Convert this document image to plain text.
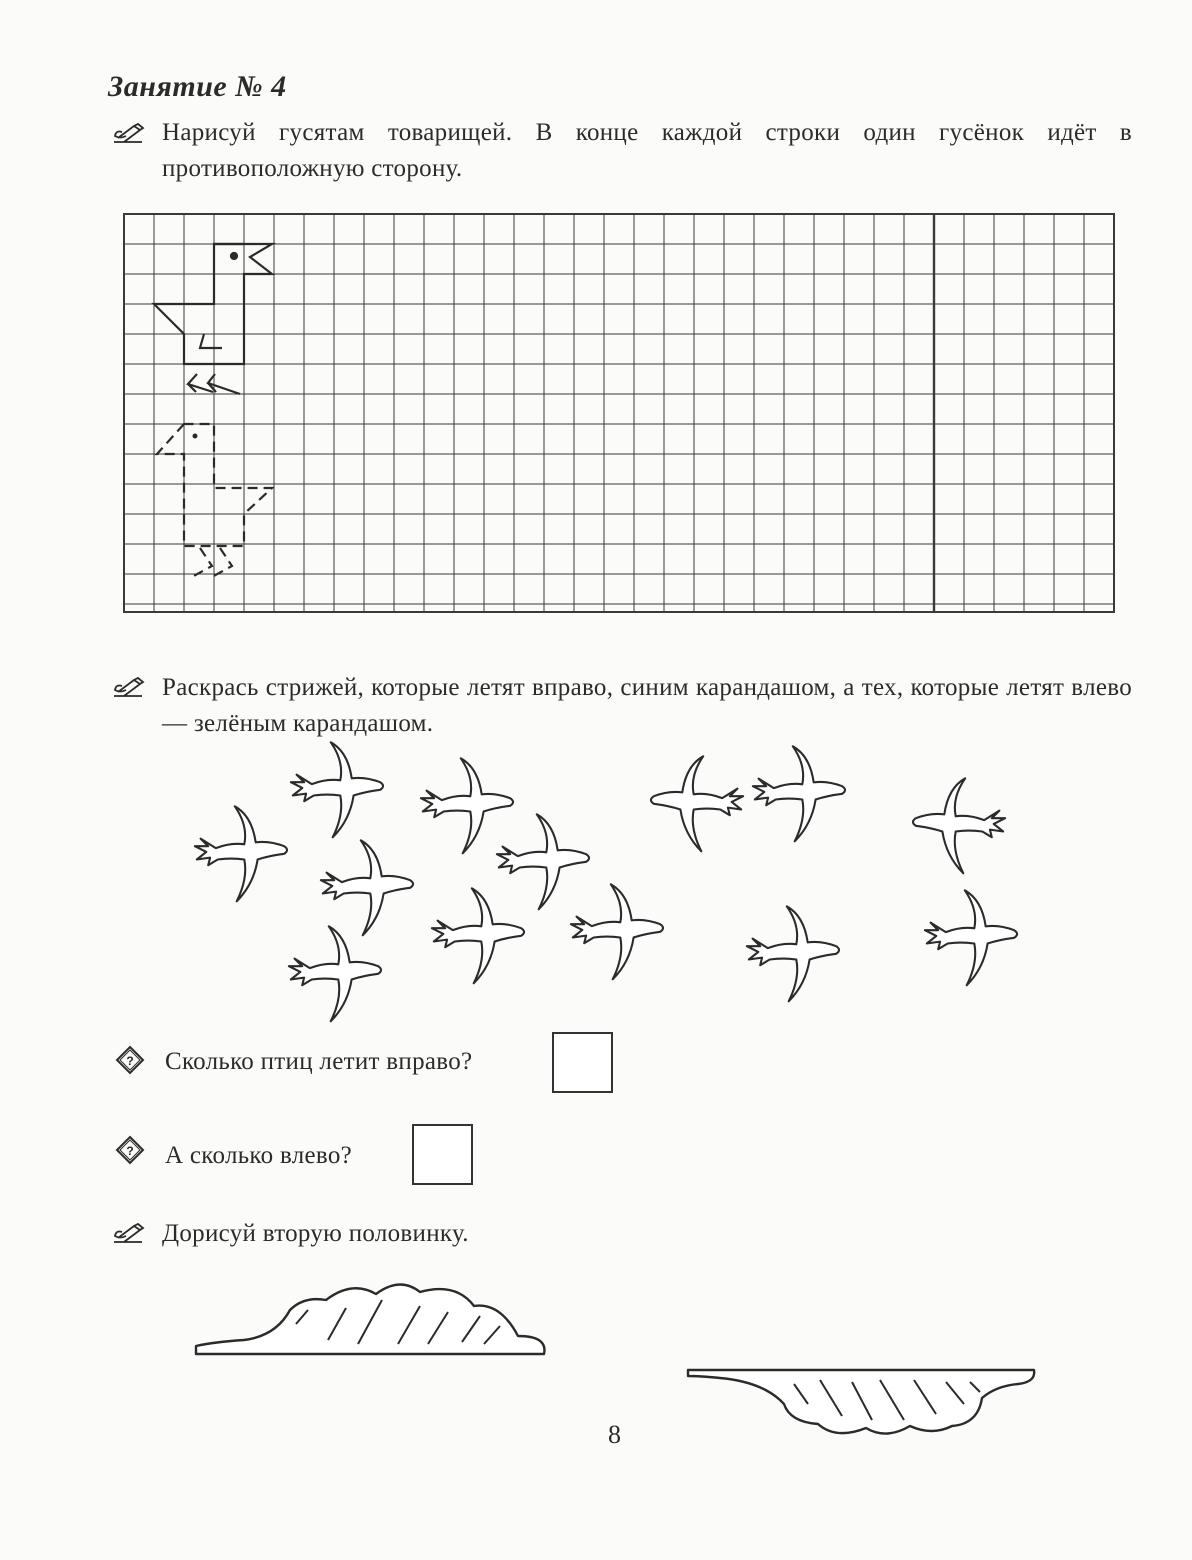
Занятие № 4
Нарисуй гусятам товарищей. В конце каждой строки один гусёнок идёт в противоположную сторону.
Раскрась стрижей, которые летят вправо, синим карандашом, а тех, которые летят влево — зелёным карандашом.
? Сколько птиц летит вправо?
? А сколько влево?
Дорисуй вторую половинку.
8
